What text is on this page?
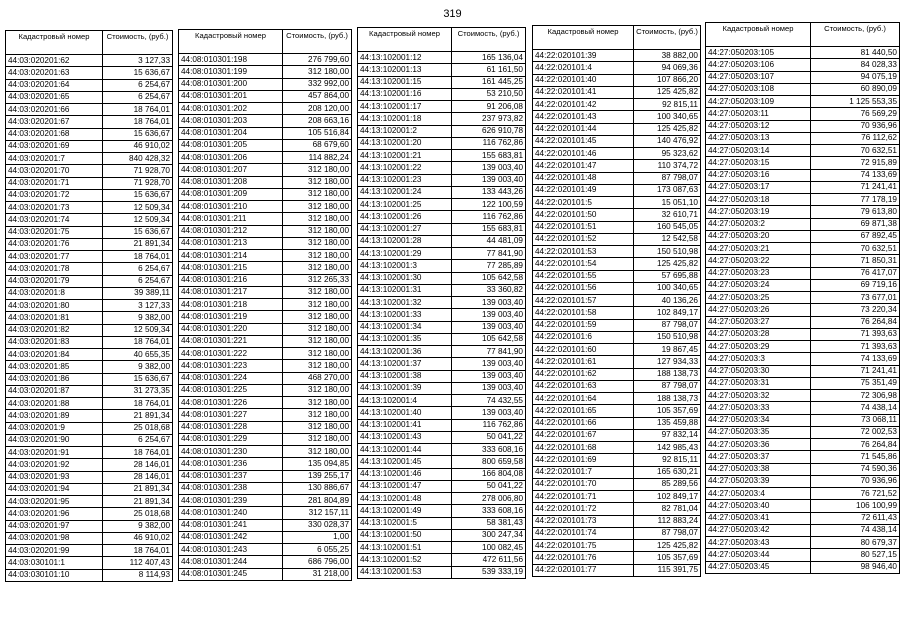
319
Кадастровый номер	Стоимость, (руб.)
44:03:020201:62	3 127,33
44:03:020201:63	15 636,67
44:03:020201:64	6 254,67
44:03:020201:65	6 254,67
44:03:020201:66	18 764,01
44:03:020201:67	18 764,01
44:03:020201:68	15 636,67
44:03:020201:69	46 910,02
44:03:020201:7	840 428,32
44:03:020201:70	71 928,70
44:03:020201:71	71 928,70
44:03:020201:72	15 636,67
44:03:020201:73	12 509,34
44:03:020201:74	12 509,34
44:03:020201:75	15 636,67
44:03:020201:76	21 891,34
44:03:020201:77	18 764,01
44:03:020201:78	6 254,67
44:03:020201:79	6 254,67
44:03:020201:8	39 389,11
44:03:020201:80	3 127,33
44:03:020201:81	9 382,00
44:03:020201:82	12 509,34
44:03:020201:83	18 764,01
44:03:020201:84	40 655,35
44:03:020201:85	9 382,00
44:03:020201:86	15 636,67
44:03:020201:87	31 273,35
44:03:020201:88	18 764,01
44:03:020201:89	21 891,34
44:03:020201:9	25 018,68
44:03:020201:90	6 254,67
44:03:020201:91	18 764,01
44:03:020201:92	28 146,01
44:03:020201:93	28 146,01
44:03:020201:94	21 891,34
44:03:020201:95	21 891,34
44:03:020201:96	25 018,68
44:03:020201:97	9 382,00
44:03:020201:98	46 910,02
44:03:020201:99	18 764,01
44:03:030101:1	112 407,43
44:03:030101:10	8 114,93
Кадастровый номер	Стоимость, (руб.)
44:08:010301:198	276 799,60
44:08:010301:199	312 180,00
44:08:010301:200	332 992,00
44:08:010301:201	457 864,00
44:08:010301:202	208 120,00
44:08:010301:203	208 663,16
44:08:010301:204	105 516,84
44:08:010301:205	68 679,60
44:08:010301:206	114 882,24
44:08:010301:207	312 180,00
44:08:010301:208	312 180,00
44:08:010301:209	312 180,00
44:08:010301:210	312 180,00
44:08:010301:211	312 180,00
44:08:010301:212	312 180,00
44:08:010301:213	312 180,00
44:08:010301:214	312 180,00
44:08:010301:215	312 180,00
44:08:010301:216	312 265,33
44:08:010301:217	312 180,00
44:08:010301:218	312 180,00
44:08:010301:219	312 180,00
44:08:010301:220	312 180,00
44:08:010301:221	312 180,00
44:08:010301:222	312 180,00
44:08:010301:223	312 180,00
44:08:010301:224	468 270,00
44:08:010301:225	312 180,00
44:08:010301:226	312 180,00
44:08:010301:227	312 180,00
44:08:010301:228	312 180,00
44:08:010301:229	312 180,00
44:08:010301:230	312 180,00
44:08:010301:236	135 094,85
44:08:010301:237	139 255,17
44:08:010301:238	130 886,67
44:08:010301:239	281 804,89
44:08:010301:240	312 157,11
44:08:010301:241	330 028,37
44:08:010301:242	1,00
44:08:010301:243	6 055,25
44:08:010301:244	686 796,00
44:08:010301:245	31 218,00
Кадастровый номер	Стоимость, (руб.)
44:13:102001:12	165 136,04
44:13:102001:13	61 161,50
44:13:102001:15	161 445,25
44:13:102001:16	53 210,50
44:13:102001:17	91 206,08
44:13:102001:18	237 973,82
44:13:102001:2	626 910,78
44:13:102001:20	116 762,86
44:13:102001:21	155 683,81
44:13:102001:22	139 003,40
44:13:102001:23	139 003,40
44:13:102001:24	133 443,26
44:13:102001:25	122 100,59
44:13:102001:26	116 762,86
44:13:102001:27	155 683,81
44:13:102001:28	44 481,09
44:13:102001:29	77 841,90
44:13:102001:3	77 285,89
44:13:102001:30	105 642,58
44:13:102001:31	33 360,82
44:13:102001:32	139 003,40
44:13:102001:33	139 003,40
44:13:102001:34	139 003,40
44:13:102001:35	105 642,58
44:13:102001:36	77 841,90
44:13:102001:37	139 003,40
44:13:102001:38	139 003,40
44:13:102001:39	139 003,40
44:13:102001:4	74 432,55
44:13:102001:40	139 003,40
44:13:102001:41	116 762,86
44:13:102001:43	50 041,22
44:13:102001:44	333 608,16
44:13:102001:45	800 659,58
44:13:102001:46	166 804,08
44:13:102001:47	50 041,22
44:13:102001:48	278 006,80
44:13:102001:49	333 608,16
44:13:102001:5	58 381,43
44:13:102001:50	300 247,34
44:13:102001:51	100 082,45
44:13:102001:52	472 611,56
44:13:102001:53	539 333,19
Кадастровый номер	Стоимость, (руб.)
44:22:020101:39	38 882,00
44:22:020101:4	94 069,36
44:22:020101:40	107 866,20
44:22:020101:41	125 425,82
44:22:020101:42	92 815,11
44:22:020101:43	100 340,65
44:22:020101:44	125 425,82
44:22:020101:45	140 476,92
44:22:020101:46	95 323,62
44:22:020101:47	110 374,72
44:22:020101:48	87 798,07
44:22:020101:49	173 087,63
44:22:020101:5	15 051,10
44:22:020101:50	32 610,71
44:22:020101:51	160 545,05
44:22:020101:52	12 542,58
44:22:020101:53	150 510,98
44:22:020101:54	125 425,82
44:22:020101:55	57 695,88
44:22:020101:56	100 340,65
44:22:020101:57	40 136,26
44:22:020101:58	102 849,17
44:22:020101:59	87 798,07
44:22:020101:6	150 510,98
44:22:020101:60	19 867,45
44:22:020101:61	127 934,33
44:22:020101:62	188 138,73
44:22:020101:63	87 798,07
44:22:020101:64	188 138,73
44:22:020101:65	105 357,69
44:22:020101:66	135 459,88
44:22:020101:67	97 832,14
44:22:020101:68	142 985,43
44:22:020101:69	92 815,11
44:22:020101:7	165 630,21
44:22:020101:70	85 289,56
44:22:020101:71	102 849,17
44:22:020101:72	82 781,04
44:22:020101:73	112 883,24
44:22:020101:74	87 798,07
44:22:020101:75	125 425,82
44:22:020101:76	105 357,69
44:22:020101:77	115 391,75
Кадастровый номер	Стоимость, (руб.)
44:27:050203:105	81 440,50
44:27:050203:106	84 028,33
44:27:050203:107	94 075,19
44:27:050203:108	60 890,09
44:27:050203:109	1 125 553,35
44:27:050203:11	76 569,29
44:27:050203:12	70 936,96
44:27:050203:13	76 112,62
44:27:050203:14	70 632,51
44:27:050203:15	72 915,89
44:27:050203:16	74 133,69
44:27:050203:17	71 241,41
44:27:050203:18	77 178,19
44:27:050203:19	79 613,80
44:27:050203:2	69 871,38
44:27:050203:20	67 892,45
44:27:050203:21	70 632,51
44:27:050203:22	71 850,31
44:27:050203:23	76 417,07
44:27:050203:24	69 719,16
44:27:050203:25	73 677,01
44:27:050203:26	73 220,34
44:27:050203:27	76 264,84
44:27:050203:28	71 393,63
44:27:050203:29	71 393,63
44:27:050203:3	74 133,69
44:27:050203:30	71 241,41
44:27:050203:31	75 351,49
44:27:050203:32	72 306,98
44:27:050203:33	74 438,14
44:27:050203:34	73 068,11
44:27:050203:35	72 002,53
44:27:050203:36	76 264,84
44:27:050203:37	71 545,86
44:27:050203:38	74 590,36
44:27:050203:39	70 936,96
44:27:050203:4	76 721,52
44:27:050203:40	106 100,99
44:27:050203:41	72 611,43
44:27:050203:42	74 438,14
44:27:050203:43	80 679,37
44:27:050203:44	80 527,15
44:27:050203:45	98 946,40
